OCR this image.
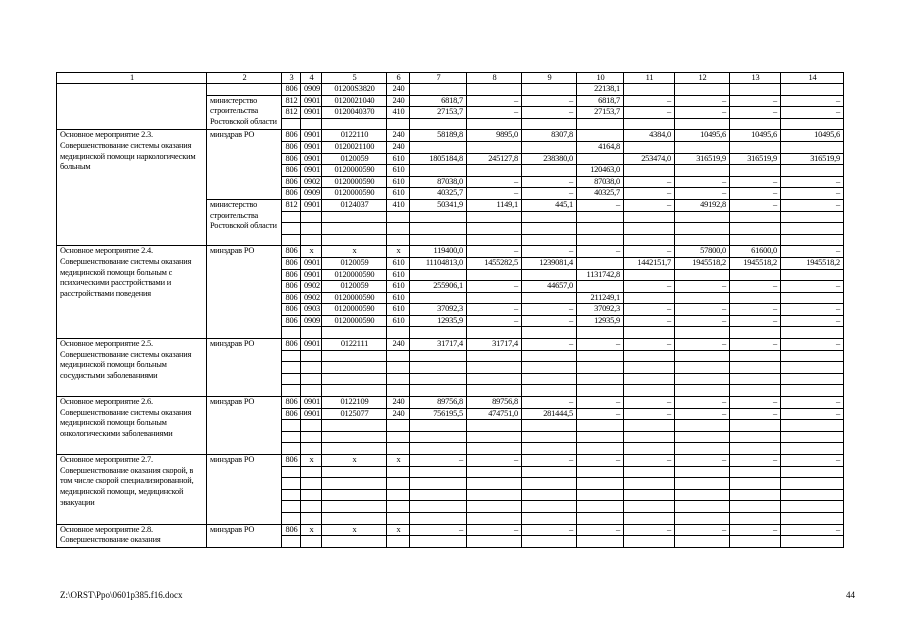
1	2	3	4	5	6	7	8	9	10	11	12	13	14
		806	0909	01200S3820	240				22138,1				
	министерство строительства Ростовской области	812	0901	0120021040	240	6818,7	–	–	6818,7	–	–	–	–
		812	0901	0120040370	410	27153,7	–	–	27153,7	–	–	–	–

Основное мероприятие 2.3. Совершенствование системы оказания медицинской помощи наркологическим больным	минздрав РО	806	0901	0122110	240	58189,8	9895,0	8307,8		4384,0	10495,6	10495,6	10495,6
		806	0901	0120021100	240				4164,8				
		806	0901	0120059	610	1805184,8	245127,8	238380,0		253474,0	316519,9	316519,9	316519,9
		806	0901	0120000590	610				120463,0				
		806	0902	0120000590	610	87038,0	–	–	87038,0	–	–	–	–
		806	0909	0120000590	610	40325,7	–	–	40325,7	–	–	–	–
	министерство строительства Ростовской области	812	0901	0124037	410	50341,9	1149,1	445,1	–	–	49192,8	–	–

Основное мероприятие 2.4. Совершенствование системы оказания медицинской помощи больным с психическими расстройствами и расстройствами поведения	минздрав РО	806	х	х	х	119400,0	–	–	–	–	57800,0	61600,0	–
		806	0901	0120059	610	11104813,0	1455282,5	1239081,4		1442151,7	1945518,2	1945518,2	1945518,2
		806	0901	0120000590	610				1131742,8				
		806	0902	0120059	610	255906,1	–	44657,0		–	–	–	–
		806	0902	0120000590	610				211249,1				
		806	0903	0120000590	610	37092,3	–	–	37092,3	–	–	–	–
		806	0909	0120000590	610	12935,9	–	–	12935,9	–	–	–	–

Основное мероприятие 2.5. Совершенствование системы оказания медицинской помощи больным сосудистыми заболеваниями	минздрав РО	806	0901	0122111	240	31717,4	31717,4	–	–	–	–	–	–

Основное мероприятие 2.6. Совершенствование системы оказания медицинской помощи больным онкологическими заболеваниями	минздрав РО	806	0901	0122109	240	89756,8	89756,8	–	–	–	–	–	–
		806	0901	0125077	240	756195,5	474751,0	281444,5	–	–	–	–	–

Основное мероприятие 2.7. Совершенствование оказания скорой, в том числе скорой специализированной, медицинской помощи, медицинской эвакуации	минздрав РО	806	х	х	х	–	–	–	–	–	–	–	–

Основное мероприятие 2.8. Совершенствование оказания	минздрав РО	806	х	х	х	–	–	–	–	–	–	–	–

Z:\ORST\Ppo\0601p385.f16.docx	44
